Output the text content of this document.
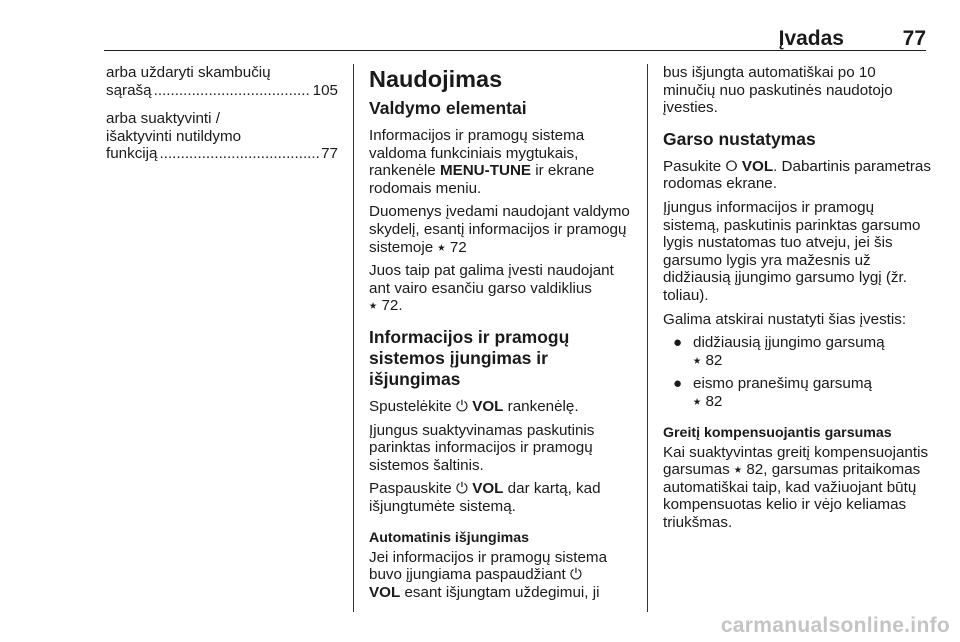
Įvadas	77

arba uždaryti skambučių

sąrašą .....	105

arba suaktyvinti /

išaktyvinti nutildymo

funkciją .....	77

Naudojimas
Valdymo elementai

Informacijos ir pramogų sistema valdoma funkciniais mygtukais, rankenėle MENU-TUNE ir ekrane rodomais meniu.

Duomenys įvedami naudojant valdymo skydelį, esantį informacijos ir pramogų sistemoje ⭑ 72

Juos taip pat galima įvesti naudojant ant vairo esančiu garso valdiklius
⭑ 72.

Informacijos ir pramogų sistemos įjungimas ir išjungimas

Spustelėkite ⏻ VOL rankenėlę.

Įjungus suaktyvinamas paskutinis parinktas informacijos ir pramogų sistemos šaltinis.

Paspauskite ⏻ VOL dar kartą, kad išjungtumėte sistemą.

Automatinis išjungimas

Jei informacijos ir pramogų sistema buvo įjungiama paspaudžiant ⏻
VOL esant išjungtam uždegimui, ji

bus išjungta automatiškai po 10 minučių nuo paskutinės naudotojo įvesties.

Garso nustatymas

Pasukite ⭘ VOL. Dabartinis parametras rodomas ekrane.

Įjungus informacijos ir pramogų sistemą, paskutinis parinktas garsumo lygis nustatomas tuo atveju, jei šis garsumo lygis yra mažesnis už didžiausią įjungimo garsumo lygį (žr. toliau).

Galima atskirai nustatyti šias įvestis:

● didžiausią įjungimo garsumą
⭑ 82
● eismo pranešimų garsumą
⭑ 82
Greitį kompensuojantis garsumas

Kai suaktyvintas greitį kompensuojantis garsumas ⭑ 82, garsumas pritaikomas automatiškai taip, kad važiuojant būtų kompensuotas kelio ir vėjo keliamas triukšmas.

carmanualsonline.info
